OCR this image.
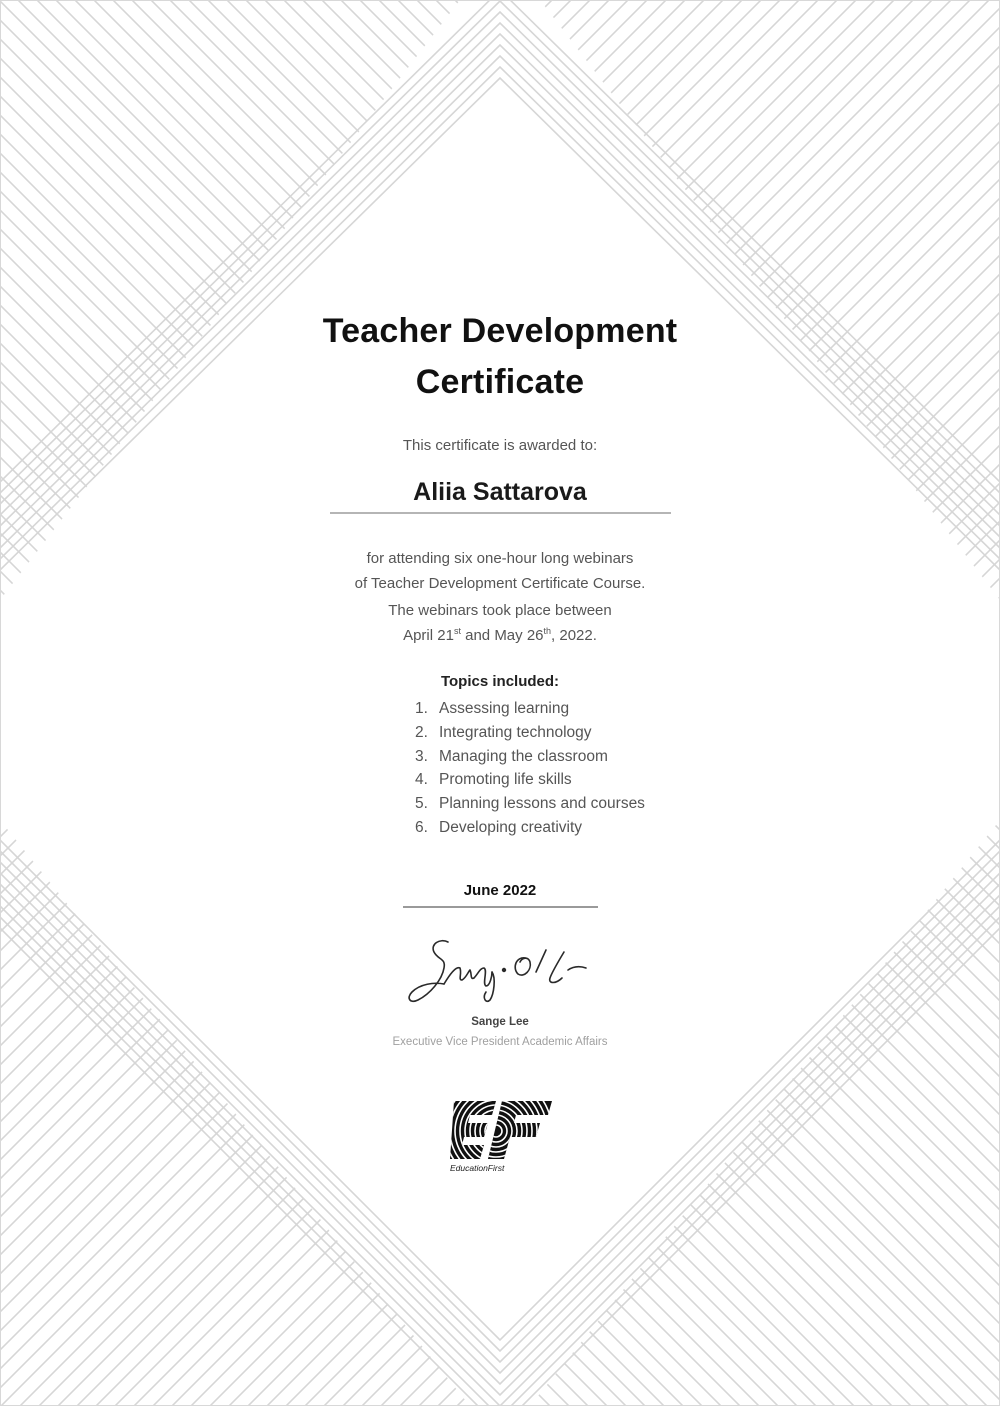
Teacher Development
Certificate
This certificate is awarded to:
Aliia Sattarova
for attending six one-hour long webinars
of Teacher Development Certificate Course.
The webinars took place between
April 21st and May 26th, 2022.
Topics included:
1. Assessing learning
2. Integrating technology
3. Managing the classroom
4. Promoting life skills
5. Planning lessons and courses
6. Developing creativity
June 2022
Sange Lee
Executive Vice President Academic Affairs
EducationFirst
